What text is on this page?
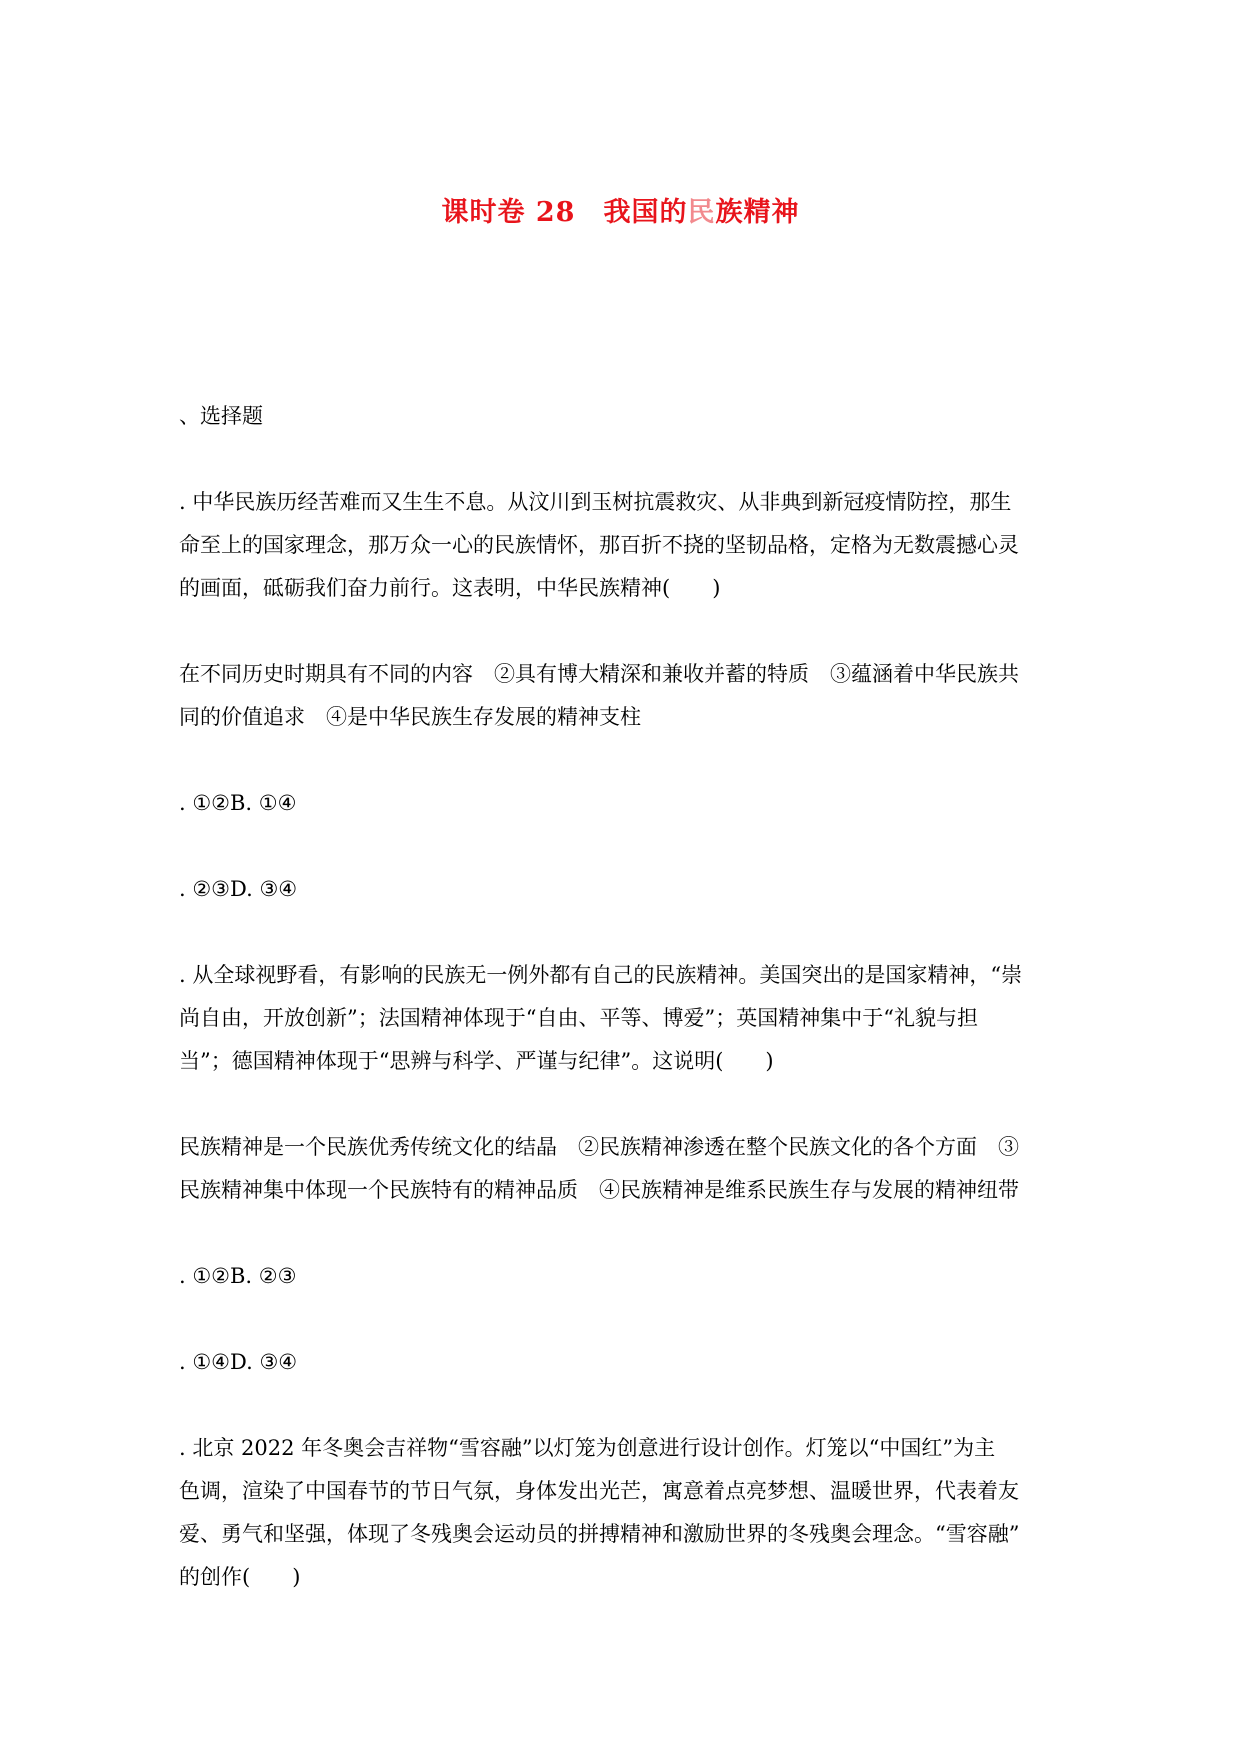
课时卷 28 我国的民族精神

、选择题

. 中华民族历经苦难而又生生不息。从汶川到玉树抗震救灾、从非典到新冠疫情防控，那生

命至上的国家理念，那万众一心的民族情怀，那百折不挠的坚韧品格，定格为无数震撼心灵

的画面，砥砺我们奋力前行。这表明，中华民族精神(　　)

在不同历史时期具有不同的内容　②具有博大精深和兼收并蓄的特质　③蕴涵着中华民族共

同的价值追求　④是中华民族生存发展的精神支柱

. ①②B. ①④

. ②③D. ③④

. 从全球视野看，有影响的民族无一例外都有自己的民族精神。美国突出的是国家精神，“崇

尚自由，开放创新”；法国精神体现于“自由、平等、博爱”；英国精神集中于“礼貌与担

当”；德国精神体现于“思辨与科学、严谨与纪律”。这说明(　　)

民族精神是一个民族优秀传统文化的结晶　②民族精神渗透在整个民族文化的各个方面　③

民族精神集中体现一个民族特有的精神品质　④民族精神是维系民族生存与发展的精神纽带

. ①②B. ②③

. ①④D. ③④

. 北京 2022 年冬奥会吉祥物“雪容融”以灯笼为创意进行设计创作。灯笼以“中国红”为主

色调，渲染了中国春节的节日气氛，身体发出光芒，寓意着点亮梦想、温暖世界，代表着友

爱、勇气和坚强，体现了冬残奥会运动员的拼搏精神和激励世界的冬残奥会理念。“雪容融”

的创作(　　)
